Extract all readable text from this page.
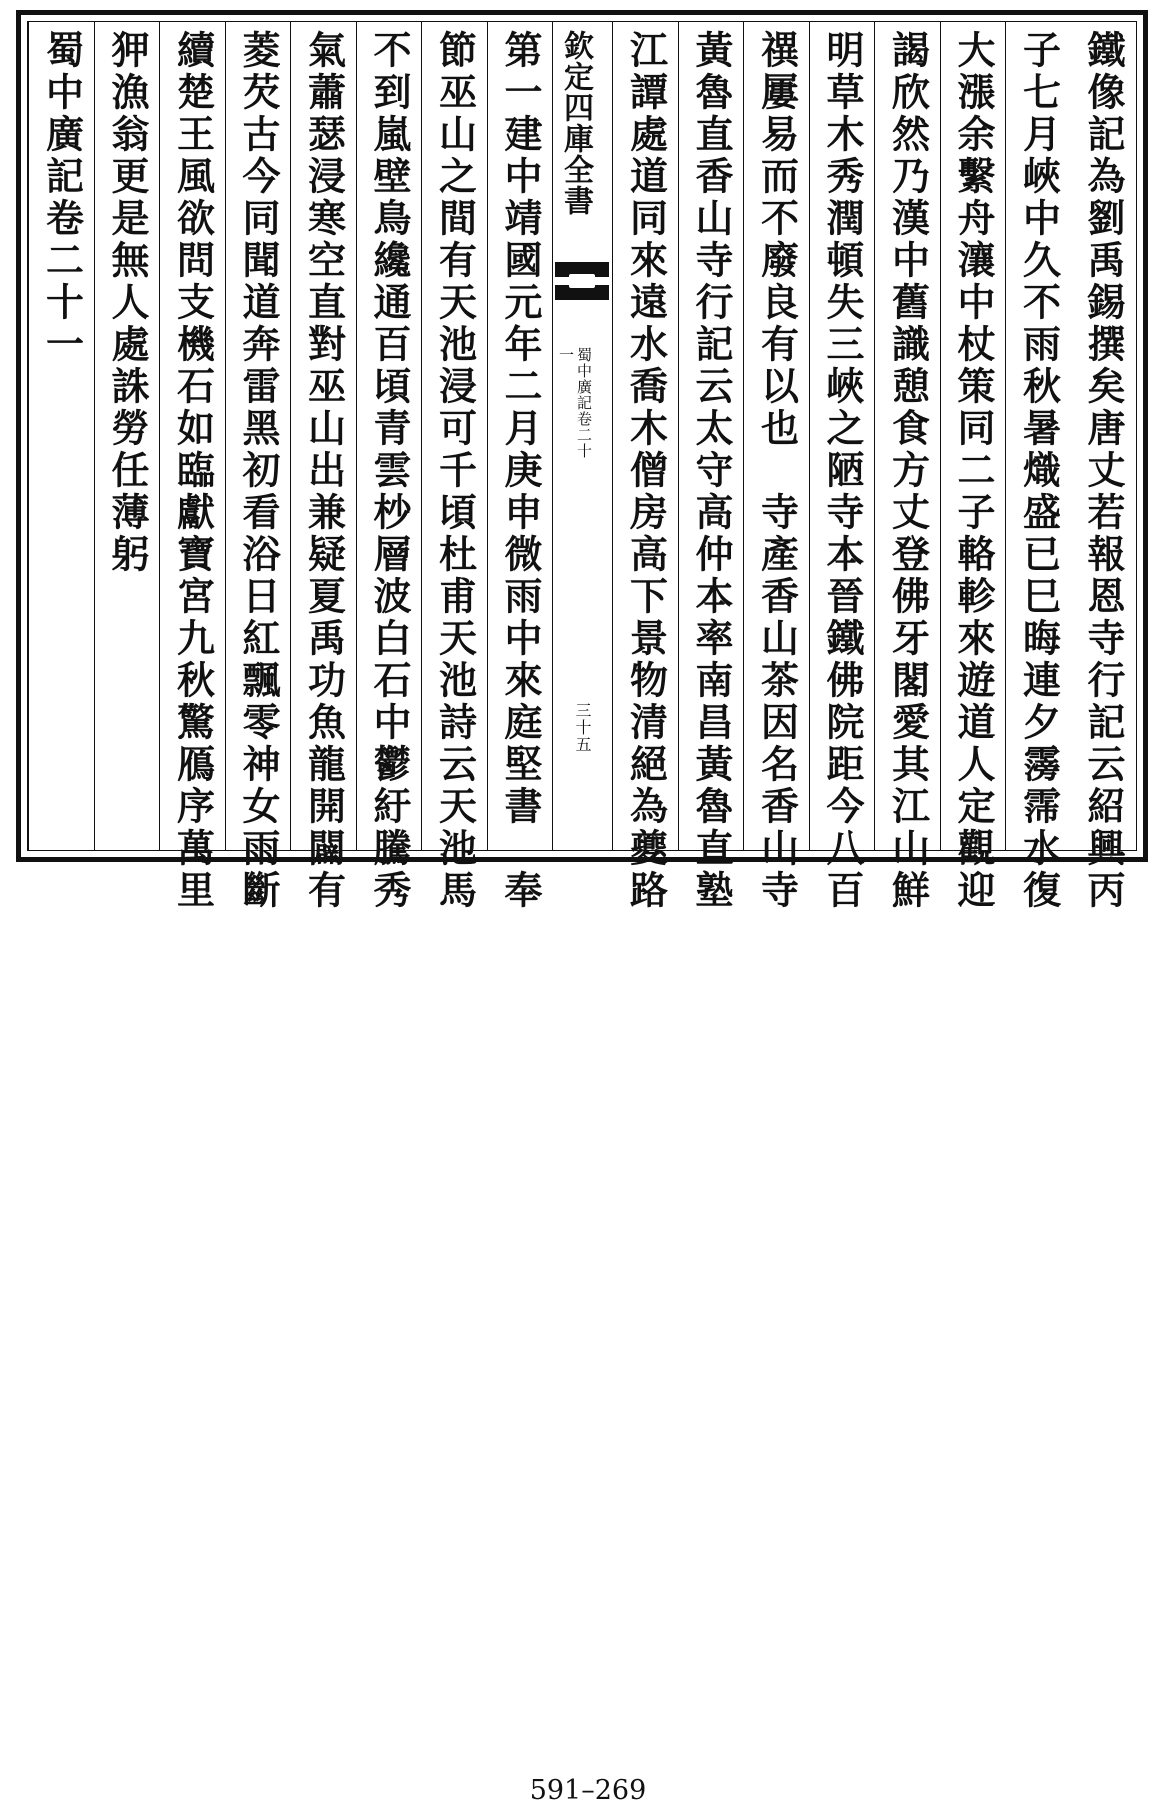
鐵像記為劉禹錫撰矣唐丈若報恩寺行記云紹興丙
子七月峽中久不雨秋暑熾盛已巳晦連夕霶霈水復
大漲余繫舟瀼中杖策同二子輅軫來遊道人定觀迎
謁欣然乃漢中舊識憩食方丈登佛牙閣愛其江山鮮
明草木秀潤頓失三峽之陋寺本晉鐵佛院距今八百
禩屢易而不廢良有以也　寺產香山茶因名香山寺
黃魯直香山寺行記云太守高仲本率南昌黃魯直塾
江譚處道同來遠水喬木僧房高下景物清絕為夔路
欽定四庫全書
蜀中廣記卷二十一
三十五
第一建中靖國元年二月庚申微雨中來庭堅書　奉
節巫山之間有天池浸可千頃杜甫天池詩云天池馬
不到嵐壁鳥纔通百頃青雲杪層波白石中鬱紆騰秀
氣蕭瑟浸寒空直對巫山出兼疑夏禹功魚龍開闢有
菱芡古今同聞道奔雷黑初看浴日紅飄零神女雨斷
續楚王風欲問支機石如臨獻寶宮九秋驚鴈序萬里
狎漁翁更是無人處誅勞任薄躬
蜀中廣記卷二十一
591–269
